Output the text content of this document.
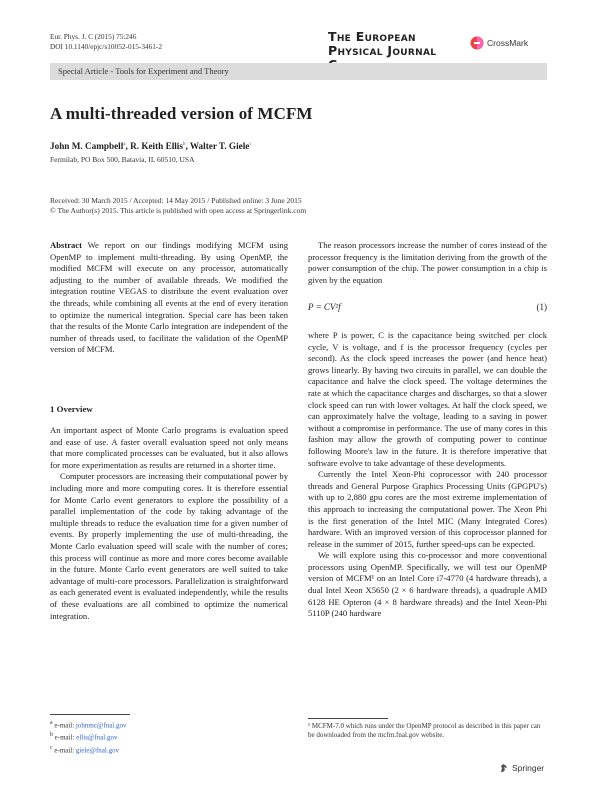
Eur. Phys. J. C (2015) 75:246
DOI 10.1140/epjc/s10052-015-3461-2
The European
Physical Journal	CrossMark
Special Article - Tools for Experiment and Theory
A multi-threaded version of MCFM
John M. Campbell$^a$, R. Keith Ellis$^b$, Walter T. Giele$^c$
Fermilab, PO Box 500, Batavia, IL 60510, USA
Received: 30 March 2015 / Accepted: 14 May 2015 / Published online: 3 June 2015
© The Author(s) 2015. This article is published with open access at Springerlink.com

Abstract We report on our findings modifying MCFM using OpenMP to implement multi-threading. By using OpenMP, the modified MCFM will execute on any processor, automatically adjusting to the number of available threads. We modified the integration routine VEGAS to distribute the event evaluation over the threads, while combining all events at the end of every iteration to optimize the numerical integration. Special care has been taken that the results of the Monte Carlo integration are independent of the number of threads used, to facilitate the validation of the OpenMP version of MCFM.

1 Overview

An important aspect of Monte Carlo programs is evaluation speed and ease of use. A faster overall evaluation speed not only means that more complicated processes can be evaluated, but it also allows for more experimentation as results are returned in a shorter time.

Computer processors are increasing their computational power by including more and more computing cores. It is therefore essential for Monte Carlo event generators to explore the possibility of a parallel implementation of the code by taking advantage of the multiple threads to reduce the evaluation time for a given number of events. By properly implementing the use of multi-threading, the Monte Carlo evaluation speed will scale with the number of cores; this process will continue as more and more cores become available in the future. Monte Carlo event generators are well suited to take advantage of multi-core processors. Parallelization is straightforward as each generated event is evaluated independently, while the results of these evaluations are all combined to optimize the numerical integration.

The reason processors increase the number of cores instead of the processor frequency is the limitation deriving from the growth of the power consumption of the chip. The power consumption in a chip is given by the equation

P = CV²f	(1)

where P is power, C is the capacitance being switched per clock cycle, V is voltage, and f is the processor frequency (cycles per second). As the clock speed increases the power (and hence heat) grows linearly. By having two circuits in parallel, we can double the capacitance and halve the clock speed. The voltage determines the rate at which the capacitance charges and discharges, so that a slower clock speed can run with lower voltages. At half the clock speed, we can approximately halve the voltage, leading to a saving in power without a compromise in performance. The use of many cores in this fashion may allow the growth of computing power to continue following Moore's law in the future. It is therefore imperative that software evolve to take advantage of these developments.

Currently the Intel Xeon-Phi coprocessor with 240 processor threads and General Purpose Graphics Processing Units (GPGPU's) with up to 2,880 gpu cores are the most extreme implementation of this approach to increasing the computational power. The Xeon Phi is the first generation of the Intel MIC (Many Integrated Cores) hardware. With an improved version of this coprocessor planned for release in the summer of 2015, further speed-ups can be expected.

We will explore using this co-processor and more conventional processors using OpenMP. Specifically, we will test our OpenMP version of MCFM¹ on an Intel Core i7-4770 (4 hardware threads), a dual Intel Xeon X5650 (2 × 6 hardware threads), a quadruple AMD 6128 HE Opteron (4 × 8 hardware threads) and the Intel Xeon-Phi 5110P (240 hardware

$^a$ e-mail: johnmc@fnal.gov
$^b$ e-mail: ellis@fnal.gov
$^c$ e-mail: giele@fnal.gov
¹ MCFM-7.0 which runs under the OpenMP protocol as described in this paper can be downloaded from the mcfm.fnal.gov website.
Springer
